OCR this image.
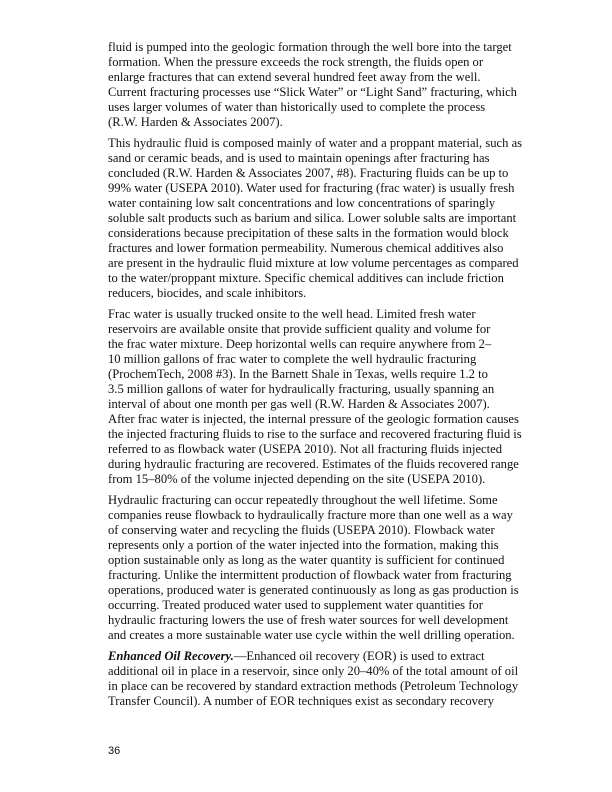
fluid is pumped into the geologic formation through the well bore into the target
formation. When the pressure exceeds the rock strength, the fluids open or
enlarge fractures that can extend several hundred feet away from the well.
Current fracturing processes use “Slick Water” or “Light Sand” fracturing, which
uses larger volumes of water than historically used to complete the process
(R.W. Harden & Associates 2007).

This hydraulic fluid is composed mainly of water and a proppant material, such as
sand or ceramic beads, and is used to maintain openings after fracturing has
concluded (R.W. Harden & Associates 2007, #8). Fracturing fluids can be up to
99% water (USEPA 2010). Water used for fracturing (frac water) is usually fresh
water containing low salt concentrations and low concentrations of sparingly
soluble salt products such as barium and silica. Lower soluble salts are important
considerations because precipitation of these salts in the formation would block
fractures and lower formation permeability. Numerous chemical additives also
are present in the hydraulic fluid mixture at low volume percentages as compared
to the water/proppant mixture. Specific chemical additives can include friction
reducers, biocides, and scale inhibitors.

Frac water is usually trucked onsite to the well head. Limited fresh water
reservoirs are available onsite that provide sufficient quality and volume for
the frac water mixture. Deep horizontal wells can require anywhere from 2–
10 million gallons of frac water to complete the well hydraulic fracturing
(ProchemTech, 2008 #3). In the Barnett Shale in Texas, wells require 1.2 to
3.5 million gallons of water for hydraulically fracturing, usually spanning an
interval of about one month per gas well (R.W. Harden & Associates 2007).
After frac water is injected, the internal pressure of the geologic formation causes
the injected fracturing fluids to rise to the surface and recovered fracturing fluid is
referred to as flowback water (USEPA 2010). Not all fracturing fluids injected
during hydraulic fracturing are recovered. Estimates of the fluids recovered range
from 15–80% of the volume injected depending on the site (USEPA 2010).

Hydraulic fracturing can occur repeatedly throughout the well lifetime. Some
companies reuse flowback to hydraulically fracture more than one well as a way
of conserving water and recycling the fluids (USEPA 2010). Flowback water
represents only a portion of the water injected into the formation, making this
option sustainable only as long as the water quantity is sufficient for continued
fracturing. Unlike the intermittent production of flowback water from fracturing
operations, produced water is generated continuously as long as gas production is
occurring. Treated produced water used to supplement water quantities for
hydraulic fracturing lowers the use of fresh water sources for well development
and creates a more sustainable water use cycle within the well drilling operation.

Enhanced Oil Recovery.—Enhanced oil recovery (EOR) is used to extract
additional oil in place in a reservoir, since only 20–40% of the total amount of oil
in place can be recovered by standard extraction methods (Petroleum Technology
Transfer Council). A number of EOR techniques exist as secondary recovery

36
